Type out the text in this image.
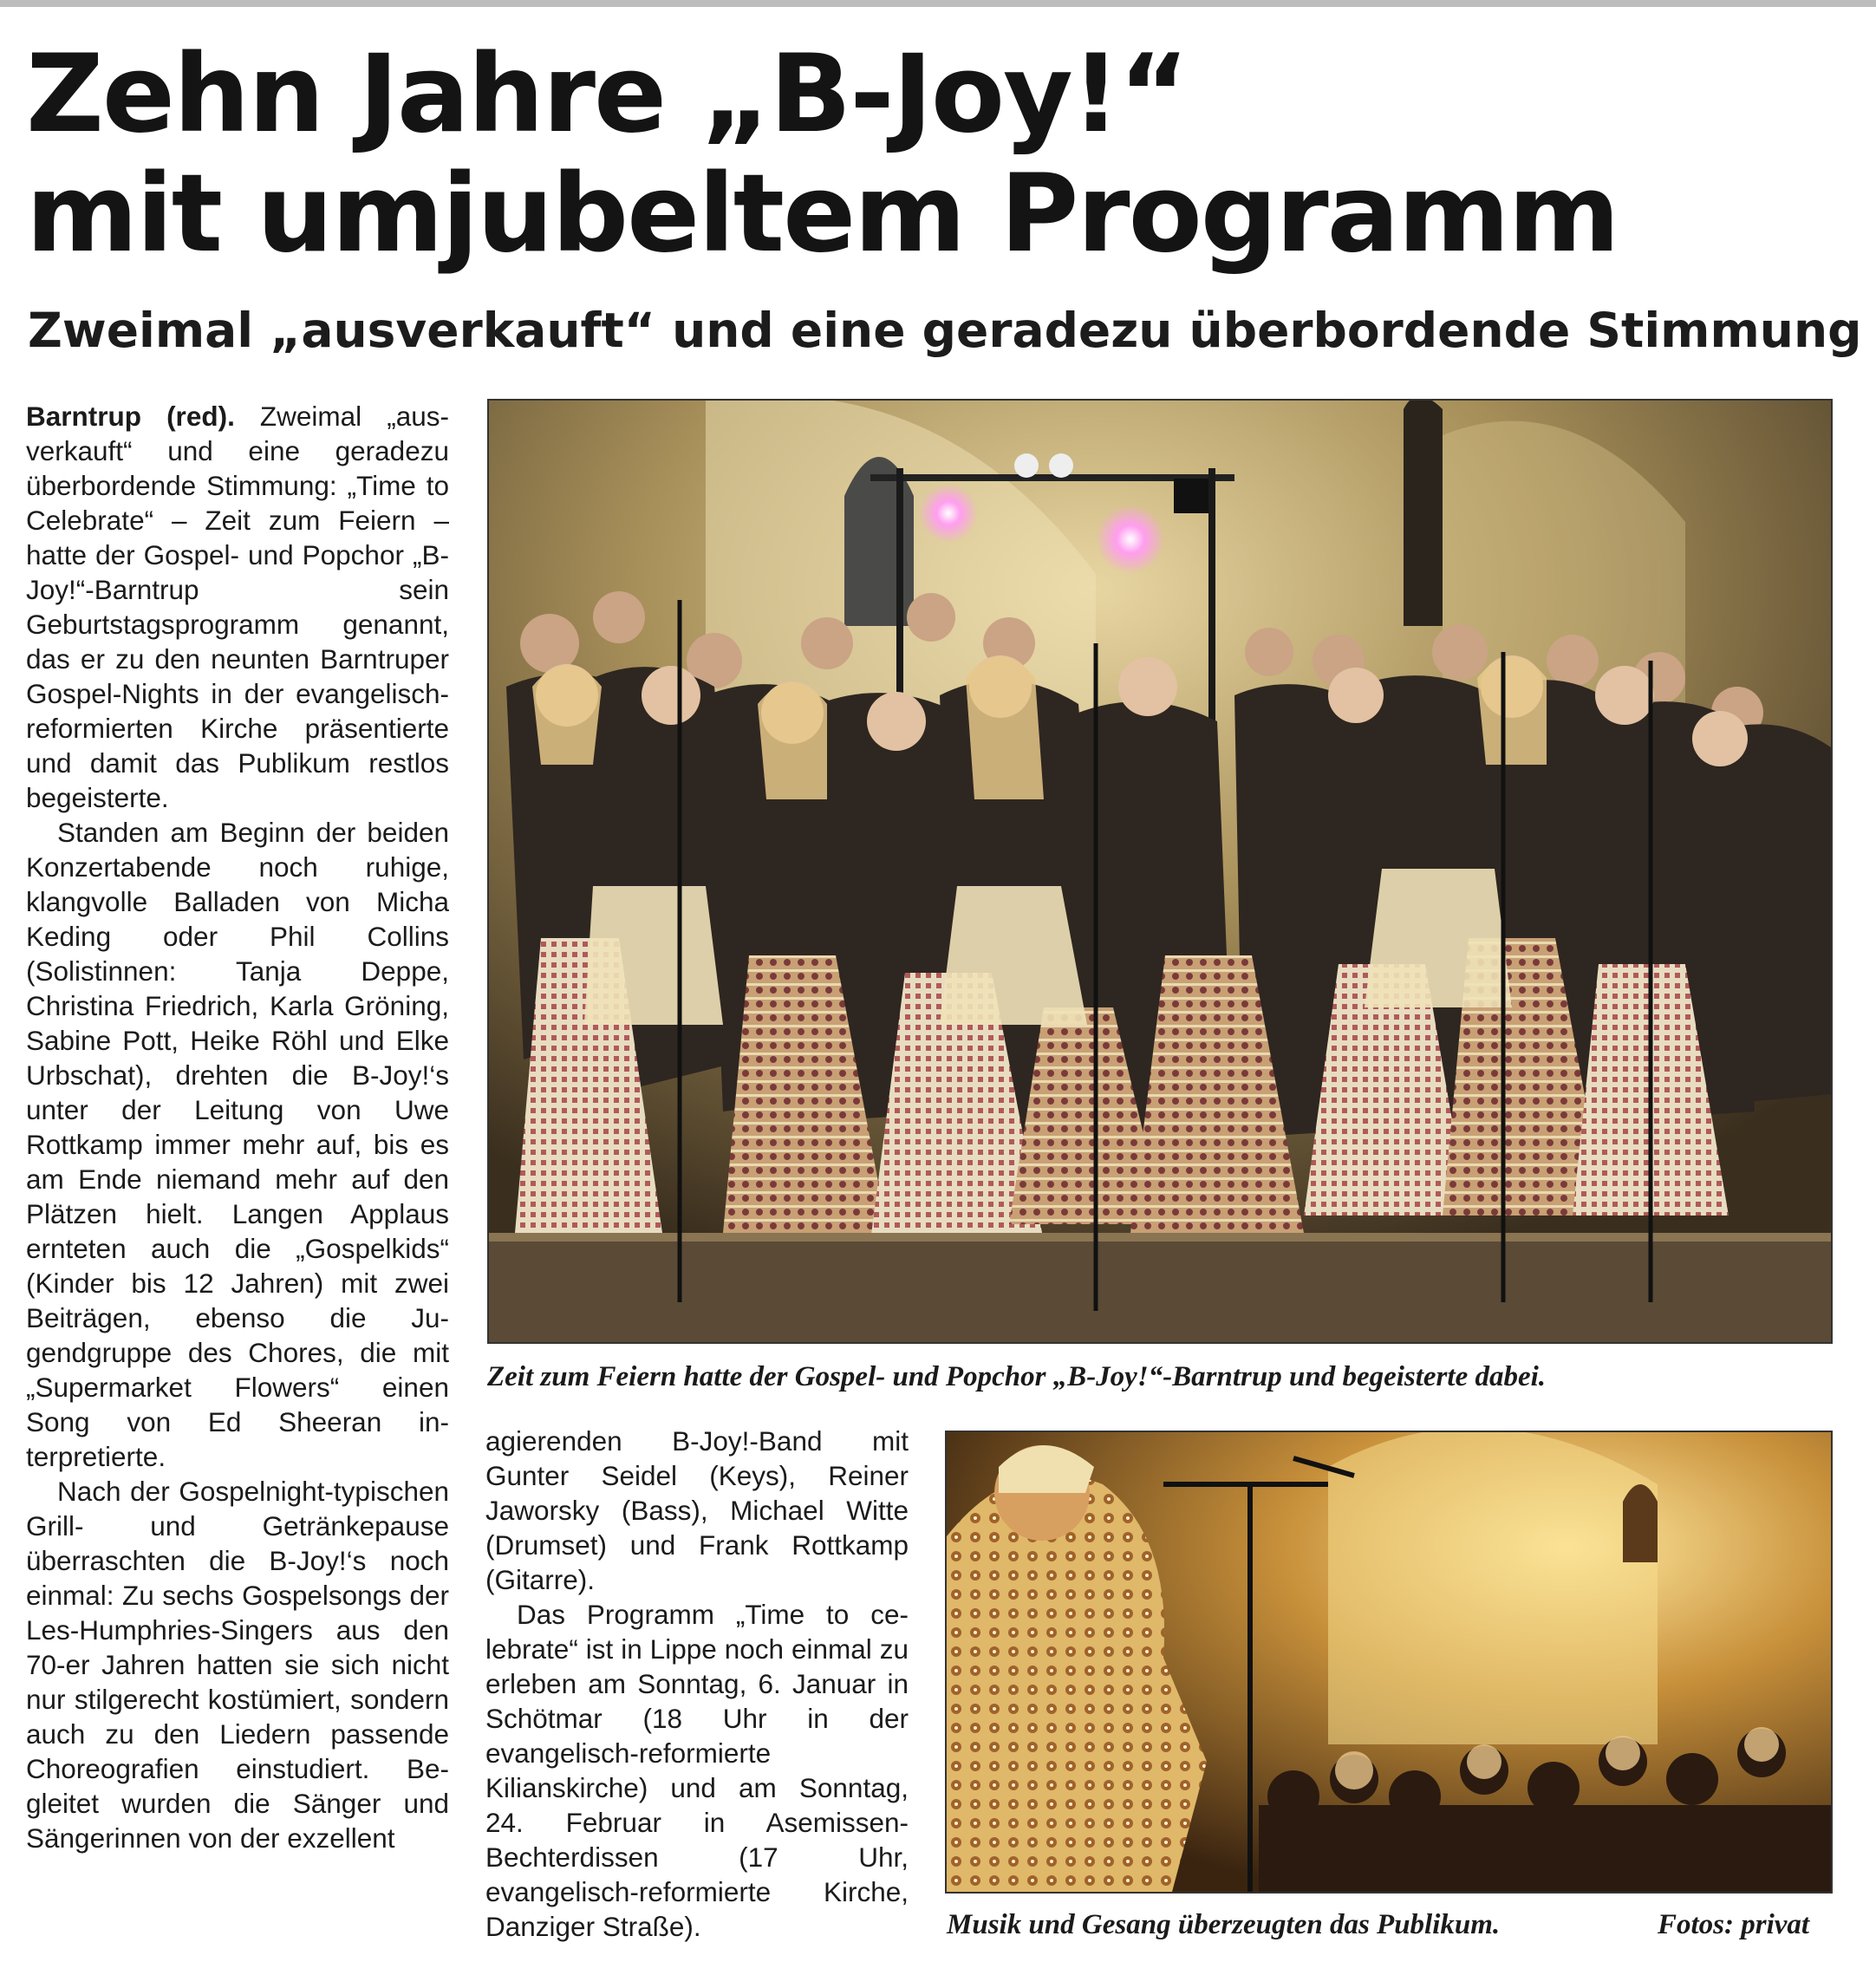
Zehn Jahre „B-Joy!“
mit umjubeltem Programm
Zweimal „ausverkauft“ und eine geradezu überbordende Stimmung

Barntrup (red). Zweimal „ausverkauft“ und eine geradezu überbordende Stimmung: „Time to Celebrate“ – Zeit zum Feiern – hatte der Gospel- und Popchor „B-Joy!“-Barntrup sein Geburtstagsprogramm genannt, das er zu den neunten Barntruper Gospel-Nights in der evangelisch-reformierten Kirche präsentierte und damit das Publikum restlos begeisterte.

Standen am Beginn der beiden Konzertabende noch ruhige, klangvolle Balladen von Micha Keding oder Phil Collins (Solistinnen: Tanja Deppe, Christina Friedrich, Karla Gröning, Sabine Pott, Heike Röhl und Elke Urbschat), drehten die B-Joy!‘s unter der Leitung von Uwe Rottkamp immer mehr auf, bis es am Ende niemand mehr auf den Plätzen hielt. Langen Applaus ernteten auch die „Gospelkids“ (Kinder bis 12 Jahren) mit zwei Beiträgen, ebenso die Jugendgruppe des Chores, die mit „Supermarket Flowers“ einen Song von Ed Sheeran interpretierte.

Nach der Gospelnight-typischen Grill- und Getränkepause überraschten die B-Joy!‘s noch einmal: Zu sechs Gospelsongs der Les-Humphries-Singers aus den 70-er Jahren hatten sie sich nicht nur stilgerecht kostümiert, sondern auch zu den Liedern passende Choreografien einstudiert. Begleitet wurden die Sänger und Sängerinnen von der exzellent

agierenden B-Joy!-Band mit Gunter Seidel (Keys), Reiner Jaworsky (Bass), Michael Witte (Drumset) und Frank Rottkamp (Gitarre).

Das Programm „Time to celebrate“ ist in Lippe noch einmal zu erleben am Sonntag, 6. Januar in Schötmar (18 Uhr in der evangelisch-reformierte Kilianskirche) und am Sonntag, 24. Februar in Asemissen-Bechterdissen (17 Uhr, evangelisch-reformierte Kirche, Danziger Straße).

Zeit zum Feiern hatte der Gospel- und Popchor „B-Joy!“-Barntrup und begeisterte dabei.

Musik und Gesang überzeugten das Publikum.	Fotos: privat
